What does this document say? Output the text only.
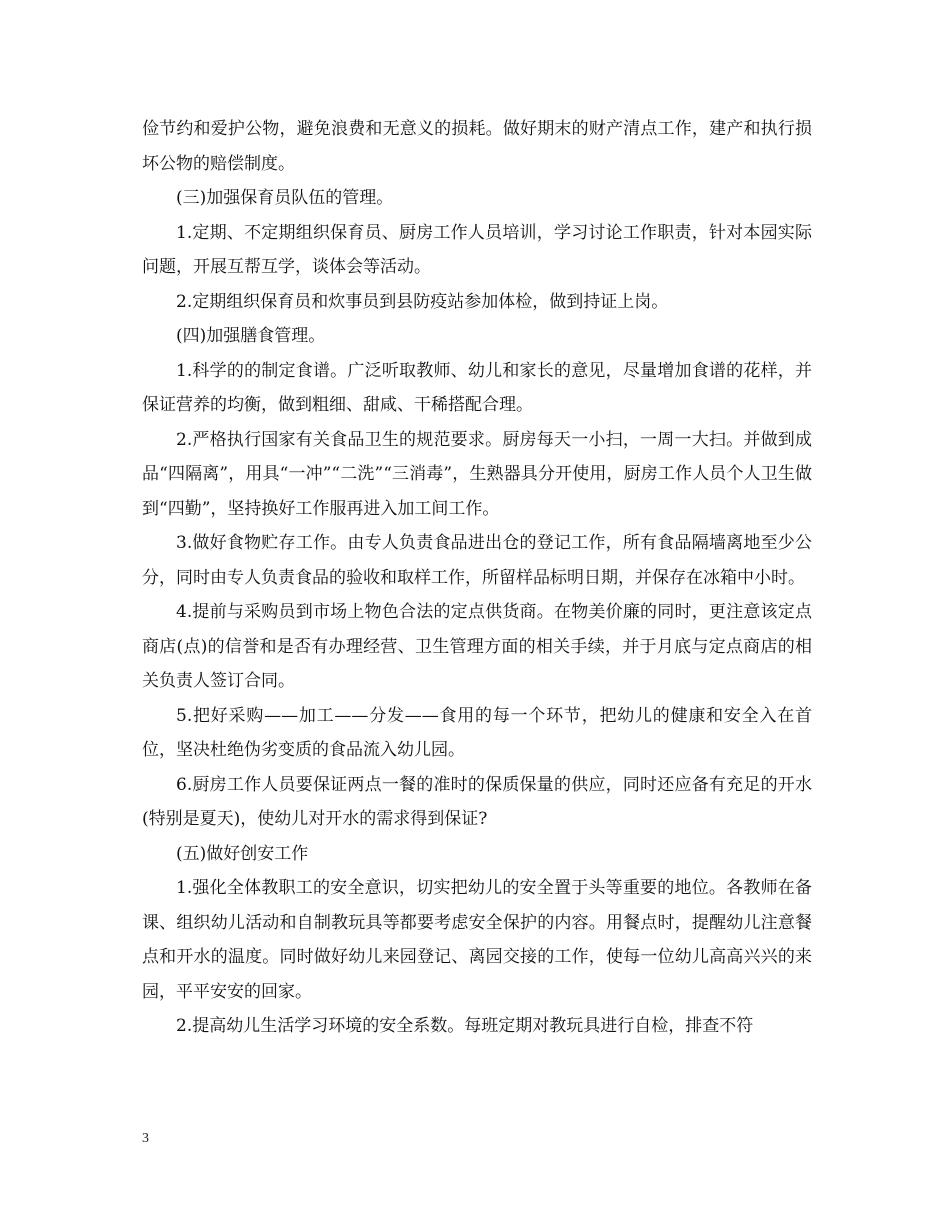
俭节约和爱护公物，避免浪费和无意义的损耗。做好期末的财产清点工作，建产和执行损坏公物的赔偿制度。

(三)加强保育员队伍的管理。

1.定期、不定期组织保育员、厨房工作人员培训，学习讨论工作职责，针对本园实际问题，开展互帮互学，谈体会等活动。

2.定期组织保育员和炊事员到县防疫站参加体检，做到持证上岗。

(四)加强膳食管理。

1.科学的的制定食谱。广泛听取教师、幼儿和家长的意见，尽量增加食谱的花样，并保证营养的均衡，做到粗细、甜咸、干稀搭配合理。

2.严格执行国家有关食品卫生的规范要求。厨房每天一小扫，一周一大扫。并做到成品“四隔离”，用具“一冲”“二洗”“三消毒”，生熟器具分开使用，厨房工作人员个人卫生做到“四勤”，坚持换好工作服再进入加工间工作。

3.做好食物贮存工作。由专人负责食品进出仓的登记工作，所有食品隔墙离地至少公分，同时由专人负责食品的验收和取样工作，所留样品标明日期，并保存在冰箱中小时。

4.提前与采购员到市场上物色合法的定点供货商。在物美价廉的同时，更注意该定点商店(点)的信誉和是否有办理经营、卫生管理方面的相关手续，并于月底与定点商店的相关负责人签订合同。

5.把好采购——加工——分发——食用的每一个环节，把幼儿的健康和安全入在首位，坚决杜绝伪劣变质的食品流入幼儿园。

6.厨房工作人员要保证两点一餐的准时的保质保量的供应，同时还应备有充足的开水(特别是夏天)，使幼儿对开水的需求得到保证?

(五)做好创安工作

1.强化全体教职工的安全意识，切实把幼儿的安全置于头等重要的地位。各教师在备课、组织幼儿活动和自制教玩具等都要考虑安全保护的内容。用餐点时，提醒幼儿注意餐点和开水的温度。同时做好幼儿来园登记、离园交接的工作，使每一位幼儿高高兴兴的来园，平平安安的回家。

2.提高幼儿生活学习环境的安全系数。每班定期对教玩具进行自检，排查不符

3
